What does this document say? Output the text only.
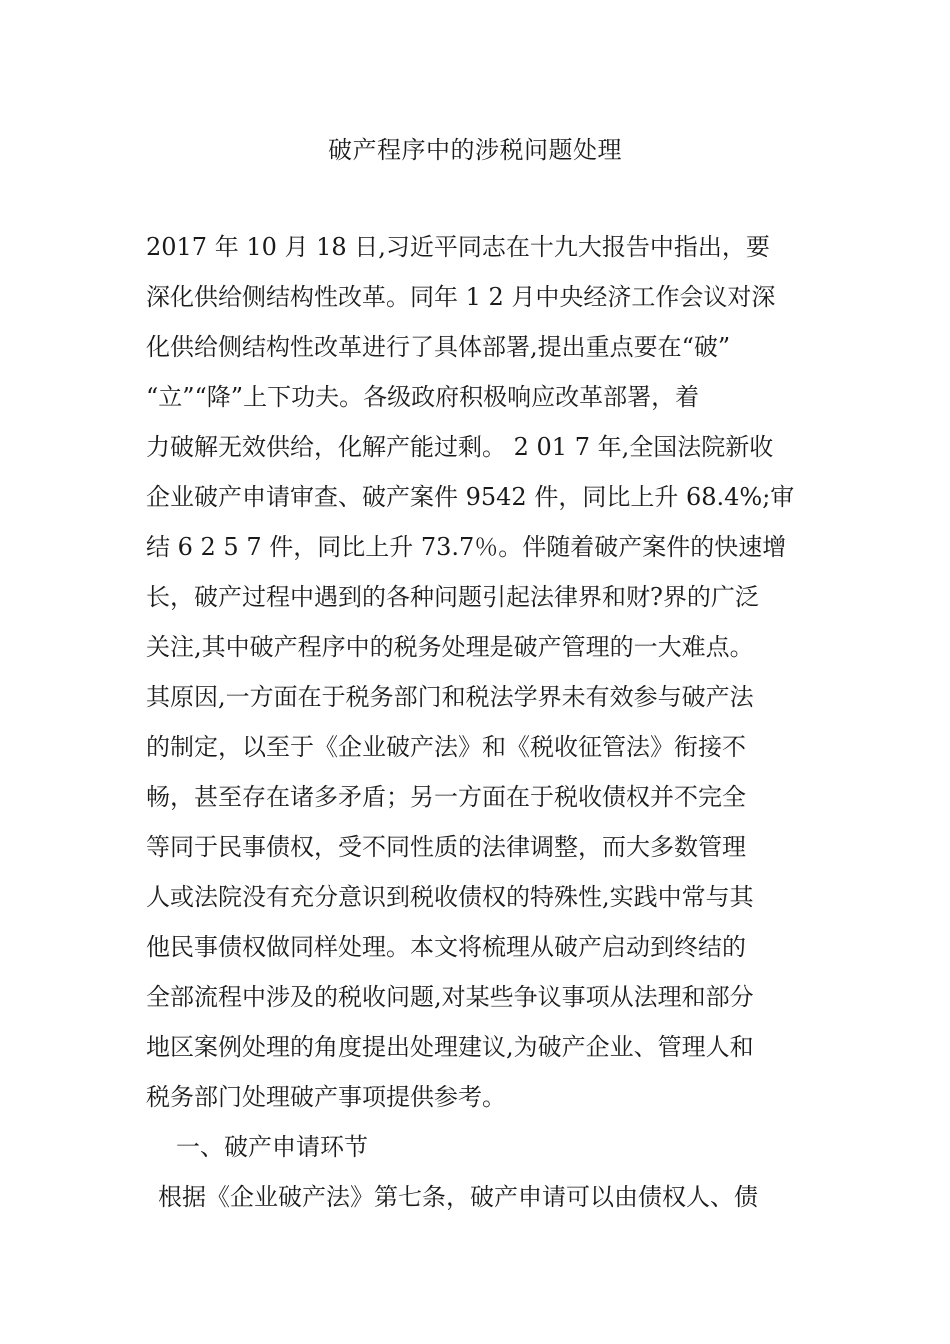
破产程序中的涉税问题处理
2017 年 10 月 18 日,习近平同志在十九大报告中指出，要
深化供给侧结构性改革。同年 1 2 月中央经济工作会议对深
化供给侧结构性改革进行了具体部署,提出重点要在“破”
“立”“降”上下功夫。各级政府积极响应改革部署，着
力破解无效供给，化解产能过剩。 2 01 7 年,全国法院新收
企业破产申请审查、破产案件 9542 件，同比上升 68.4%;审
结 6 2 5 7 件，同比上升 73.7％。伴随着破产案件的快速增
长，破产过程中遇到的各种问题引起法律界和财?界的广泛
关注,其中破产程序中的税务处理是破产管理的一大难点。
其原因,一方面在于税务部门和税法学界未有效参与破产法
的制定，以至于《企业破产法》和《税收征管法》衔接不
畅，甚至存在诸多矛盾；另一方面在于税收债权并不完全
等同于民事债权，受不同性质的法律调整，而大多数管理
人或法院没有充分意识到税收债权的特殊性,实践中常与其
他民事债权做同样处理。本文将梳理从破产启动到终结的
全部流程中涉及的税收问题,对某些争议事项从法理和部分
地区案例处理的角度提出处理建议,为破产企业、管理人和
税务部门处理破产事项提供参考。
一、破产申请环节
根据《企业破产法》第七条，破产申请可以由债权人、债
